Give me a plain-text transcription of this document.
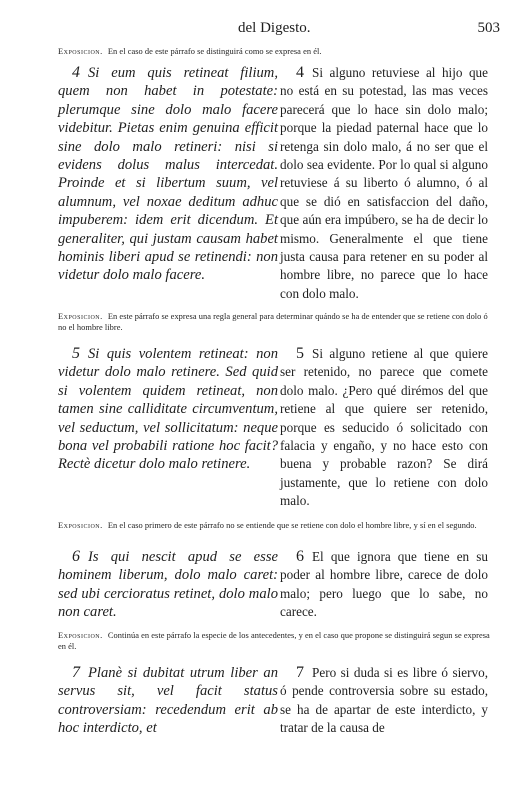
del Digesto.	503
Exposicion. En el caso de este párrafo se distinguirá como se expresa en él.
4 Si eum quis retineat filium, quem non habet in potestate: plerumque sine dolo malo facere videbitur. Pietas enim genuina efficit sine dolo malo retineri: nisi si evidens dolus malus intercedat. Proinde et si libertum suum, vel alumnum, vel noxae deditum adhuc impuberem: idem erit dicendum. Et generaliter, qui justam causam habet hominis liberi apud se retinendi: non videtur dolo malo facere.
4 Si alguno retuviese al hijo que no está en su potestad, las mas veces parecerá que lo hace sin dolo malo; porque la piedad paternal hace que lo retenga sin dolo malo, á no ser que el dolo sea evidente. Por lo qual si alguno retuviese á su liberto ó alumno, ó al que se dió en satisfaccion del daño, que aún era impúbero, se ha de decir lo mismo. Generalmente el que tiene justa causa para retener en su poder al hombre libre, no parece que lo hace con dolo malo.
Exposicion. En este párrafo se expresa una regla general para determinar quándo se ha de entender que se retiene con dolo ó no el hombre libre.
5 Si quis volentem retineat: non videtur dolo malo retinere. Sed quid si volentem quidem retineat, non tamen sine calliditate circumventum, vel seductum, vel sollicitatum: neque bona vel probabili ratione hoc facit? Rectè dicetur dolo malo retinere.
5 Si alguno retiene al que quiere ser retenido, no parece que comete dolo malo. ¿Pero qué dirémos del que retiene al que quiere ser retenido, porque es seducido ó solicitado con falacia y engaño, y no hace esto con buena y probable razon? Se dirá justamente, que lo retiene con dolo malo.
Exposicion. En el caso primero de este párrafo no se entiende que se retiene con dolo el hombre libre, y sí en el segundo.
6 Is qui nescit apud se esse hominem liberum, dolo malo caret: sed ubi cercioratus retinet, dolo malo non caret.
6 El que ignora que tiene en su poder al hombre libre, carece de dolo malo; pero luego que lo sabe, no carece.
Exposicion. Continúa en este párrafo la especie de los antecedentes, y en el caso que propone se distinguirá segun se expresa en él.
7 Planè si dubitat utrum liber an servus sit, vel facit status controversiam: recedendum erit ab hoc interdicto, et
7 Pero si duda si es libre ó siervo, ó pende controversia sobre su estado, se ha de apartar de este interdicto, y tratar de la causa de
